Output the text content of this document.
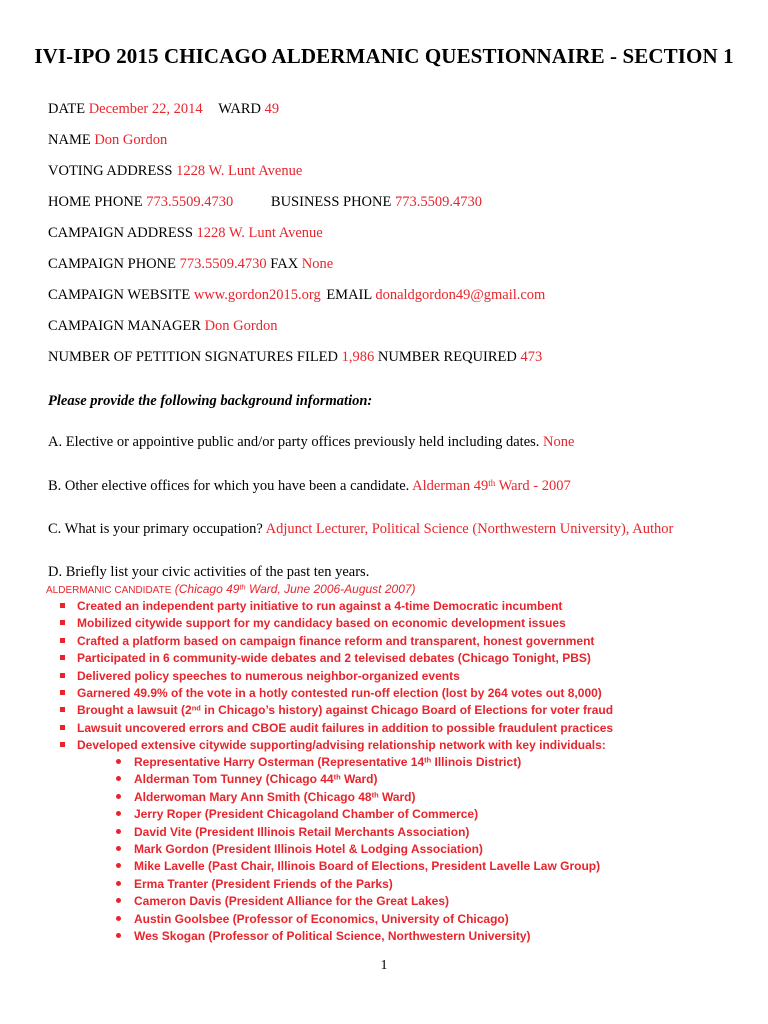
IVI-IPO 2015 CHICAGO ALDERMANIC QUESTIONNAIRE - SECTION 1
DATE December 22, 2014 WARD 49
NAME Don Gordon
VOTING ADDRESS 1228 W. Lunt Avenue
HOME PHONE 773.5509.4730	BUSINESS PHONE 773.5509.4730
CAMPAIGN ADDRESS 1228 W. Lunt Avenue
CAMPAIGN PHONE 773.5509.4730 FAX None
CAMPAIGN WEBSITE www.gordon2015.org EMAIL donaldgordon49@gmail.com
CAMPAIGN MANAGER Don Gordon
NUMBER OF PETITION SIGNATURES FILED 1,986 NUMBER REQUIRED 473
Please provide the following background information:
A. Elective or appointive public and/or party offices previously held including dates. None
B. Other elective offices for which you have been a candidate. Alderman 49th Ward - 2007
C. What is your primary occupation? Adjunct Lecturer, Political Science (Northwestern University), Author
D. Briefly list your civic activities of the past ten years.
ALDERMANIC CANDIDATE (Chicago 49th Ward, June 2006-August 2007)
Created an independent party initiative to run against a 4-time Democratic incumbent
Mobilized citywide support for my candidacy based on economic development issues
Crafted a platform based on campaign finance reform and transparent, honest government
Participated in 6 community-wide debates and 2 televised debates (Chicago Tonight, PBS)
Delivered policy speeches to numerous neighbor-organized events
Garnered 49.9% of the vote in a hotly contested run-off election (lost by 264 votes out 8,000)
Brought a lawsuit (2nd in Chicago’s history) against Chicago Board of Elections for voter fraud
Lawsuit uncovered errors and CBOE audit failures in addition to possible fraudulent practices
Developed extensive citywide supporting/advising relationship network with key individuals:
Representative Harry Osterman (Representative 14th Illinois District)
Alderman Tom Tunney (Chicago 44th Ward)
Alderwoman Mary Ann Smith (Chicago 48th Ward)
Jerry Roper (President Chicagoland Chamber of Commerce)
David Vite (President Illinois Retail Merchants Association)
Mark Gordon (President Illinois Hotel & Lodging Association)
Mike Lavelle (Past Chair, Illinois Board of Elections, President Lavelle Law Group)
Erma Tranter (President Friends of the Parks)
Cameron Davis (President Alliance for the Great Lakes)
Austin Goolsbee (Professor of Economics, University of Chicago)
Wes Skogan (Professor of Political Science, Northwestern University)
1
